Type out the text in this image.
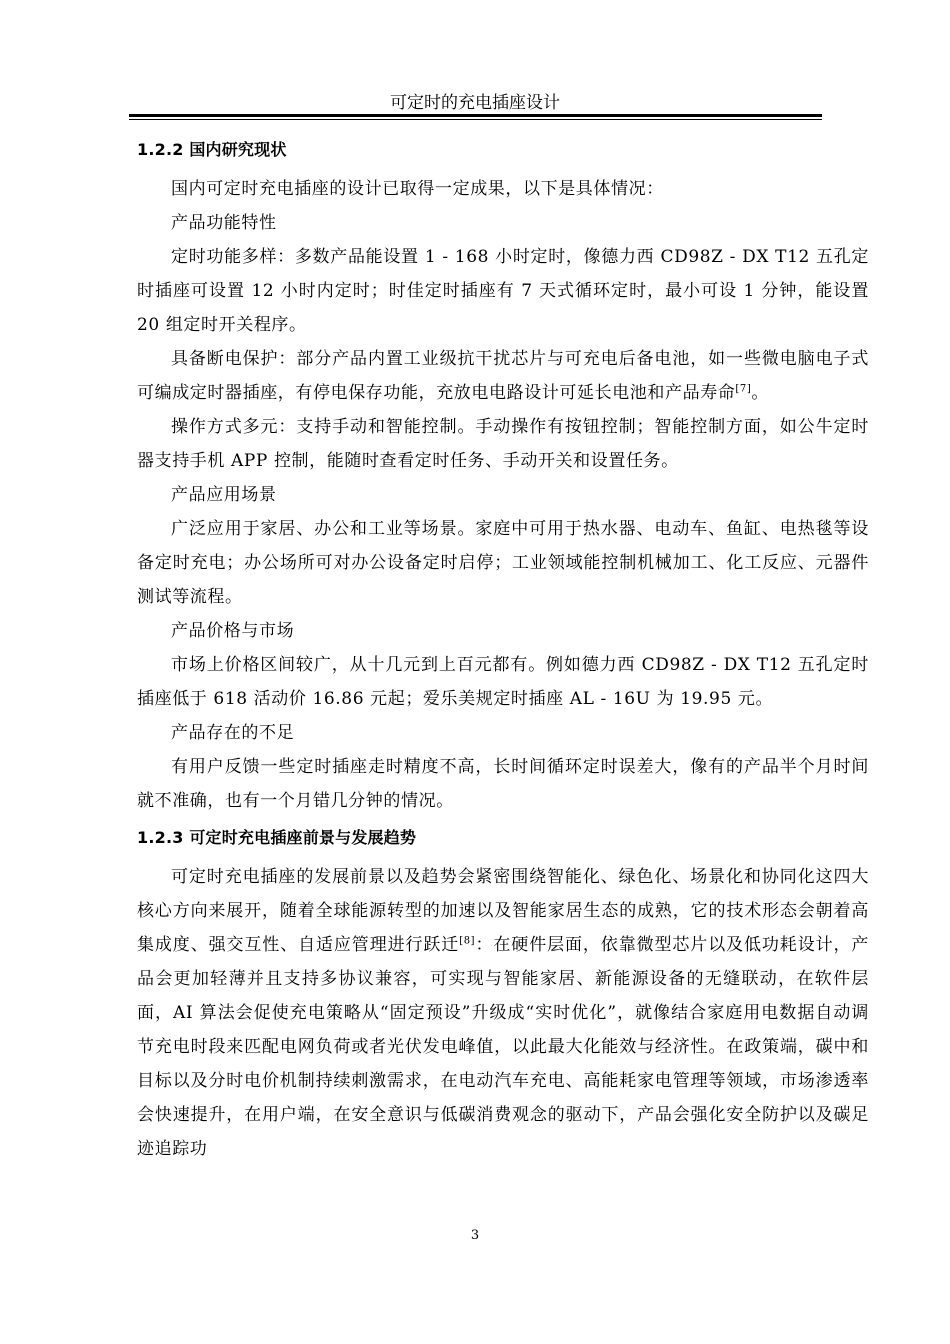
可定时的充电插座设计
1.2.2 国内研究现状

国内可定时充电插座的设计已取得一定成果，以下是具体情况：

产品功能特性

定时功能多样：多数产品能设置 1 - 168 小时定时，像德力西 CD98Z - DX T12 五孔定时插座可设置 12 小时内定时；时佳定时插座有 7 天式循环定时，最小可设 1 分钟，能设置 20 组定时开关程序。

具备断电保护：部分产品内置工业级抗干扰芯片与可充电后备电池，如一些微电脑电子式可编成定时器插座，有停电保存功能，充放电电路设计可延长电池和产品寿命[7]。

操作方式多元：支持手动和智能控制。手动操作有按钮控制；智能控制方面，如公牛定时器支持手机 APP 控制，能随时查看定时任务、手动开关和设置任务。

产品应用场景

广泛应用于家居、办公和工业等场景。家庭中可用于热水器、电动车、鱼缸、电热毯等设备定时充电；办公场所可对办公设备定时启停；工业领域能控制机械加工、化工反应、元器件测试等流程。

产品价格与市场

市场上价格区间较广，从十几元到上百元都有。例如德力西 CD98Z - DX T12 五孔定时插座低于 618 活动价 16.86 元起；爱乐美规定时插座 AL - 16U 为 19.95 元。

产品存在的不足

有用户反馈一些定时插座走时精度不高，长时间循环定时误差大，像有的产品半个月时间就不准确，也有一个月错几分钟的情况。

1.2.3 可定时充电插座前景与发展趋势

可定时充电插座的发展前景以及趋势会紧密围绕智能化、绿色化、场景化和协同化这四大核心方向来展开，随着全球能源转型的加速以及智能家居生态的成熟，它的技术形态会朝着高集成度、强交互性、自适应管理进行跃迁[8]：在硬件层面，依靠微型芯片以及低功耗设计，产品会更加轻薄并且支持多协议兼容，可实现与智能家居、新能源设备的无缝联动，在软件层面，AI 算法会促使充电策略从“固定预设”升级成“实时优化”，就像结合家庭用电数据自动调节充电时段来匹配电网负荷或者光伏发电峰值，以此最大化能效与经济性。在政策端，碳中和目标以及分时电价机制持续刺激需求，在电动汽车充电、高能耗家电管理等领域，市场渗透率会快速提升，在用户端，在安全意识与低碳消费观念的驱动下，产品会强化安全防护以及碳足迹追踪功

3
